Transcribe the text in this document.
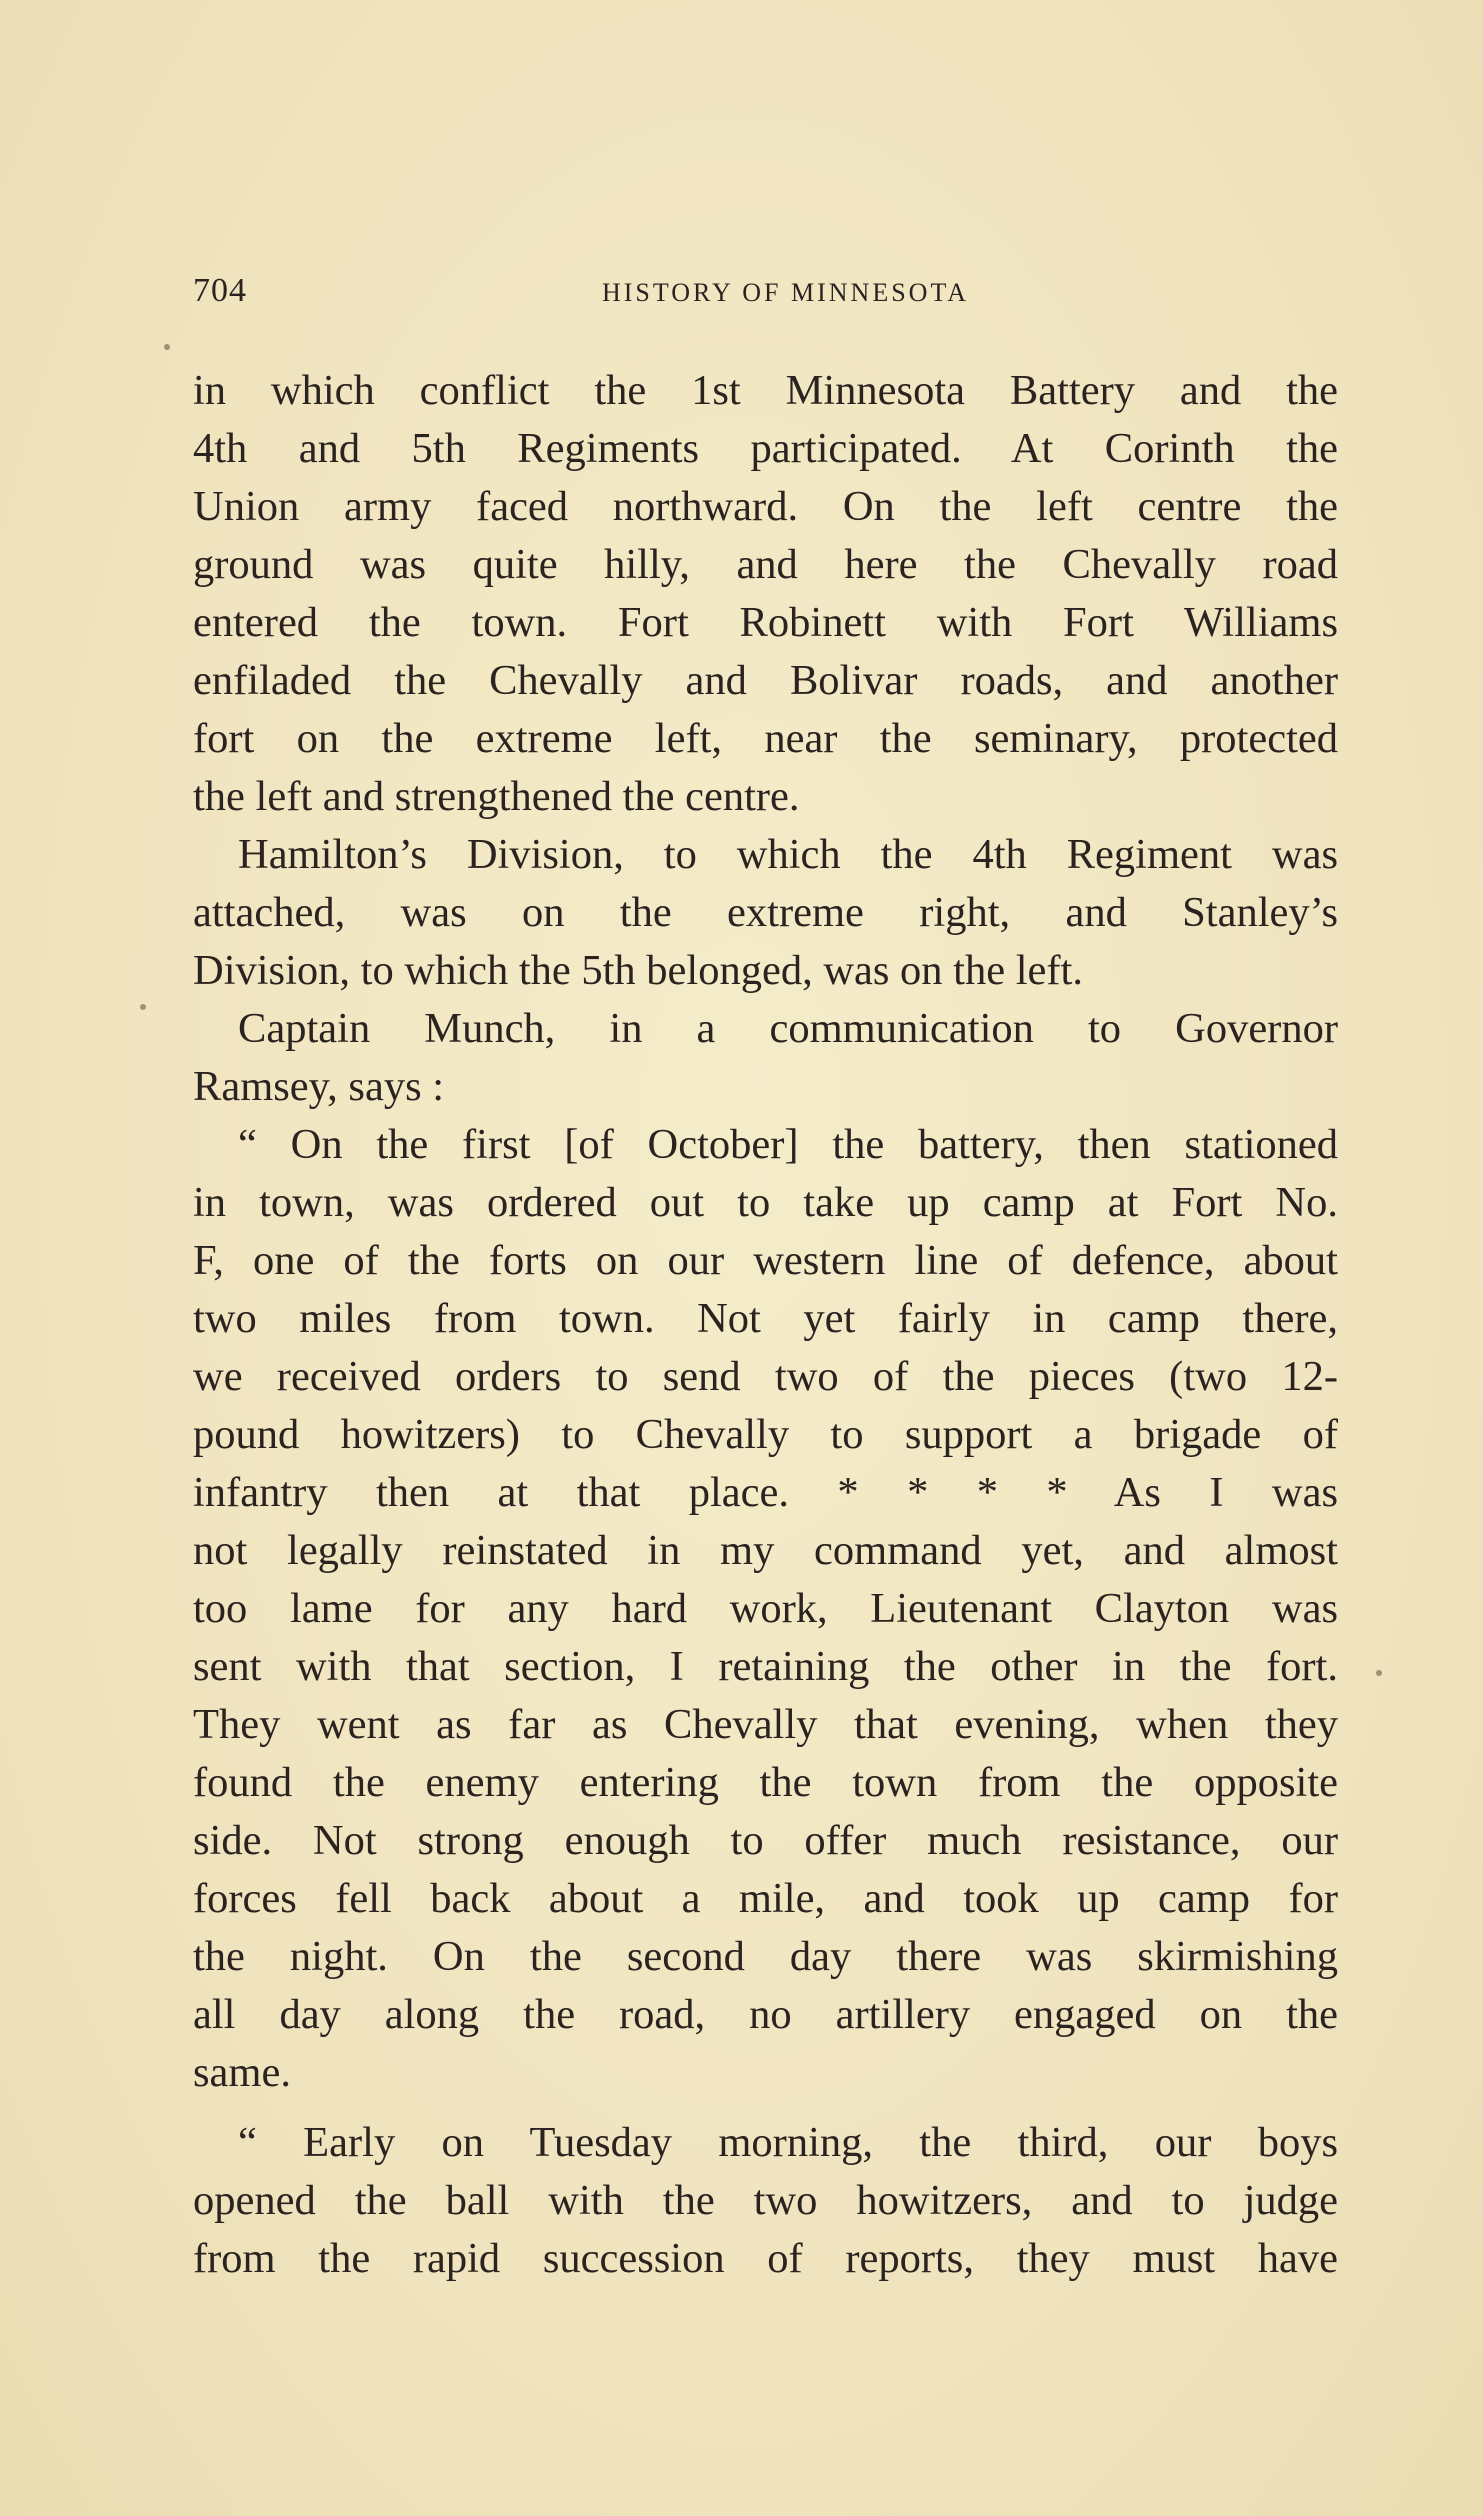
704	HISTORY OF MINNESOTA
in which conflict the 1st Minnesota Battery and the
4th and 5th Regiments participated. At Corinth the
Union army faced northward. On the left centre the
ground was quite hilly, and here the Chevally road
entered the town. Fort Robinett with Fort Williams
enfiladed the Chevally and Bolivar roads, and another
fort on the extreme left, near the seminary, protected
the left and strengthened the centre.
Hamilton’s Division, to which the 4th Regiment was
attached, was on the extreme right, and Stanley’s
Division, to which the 5th belonged, was on the left.
Captain Munch, in a communication to Governor
Ramsey, says :
“ On the first [of October] the battery, then stationed
in town, was ordered out to take up camp at Fort No.
F, one of the forts on our western line of defence, about
two miles from town. Not yet fairly in camp there,
we received orders to send two of the pieces (two 12-
pound howitzers) to Chevally to support a brigade of
infantry then at that place. * * * * As I was
not legally reinstated in my command yet, and almost
too lame for any hard work, Lieutenant Clayton was
sent with that section, I retaining the other in the fort.
They went as far as Chevally that evening, when they
found the enemy entering the town from the opposite
side. Not strong enough to offer much resistance, our
forces fell back about a mile, and took up camp for
the night. On the second day there was skirmishing
all day along the road, no artillery engaged on the
same.
“ Early on Tuesday morning, the third, our boys
opened the ball with the two howitzers, and to judge
from the rapid succession of reports, they must have
